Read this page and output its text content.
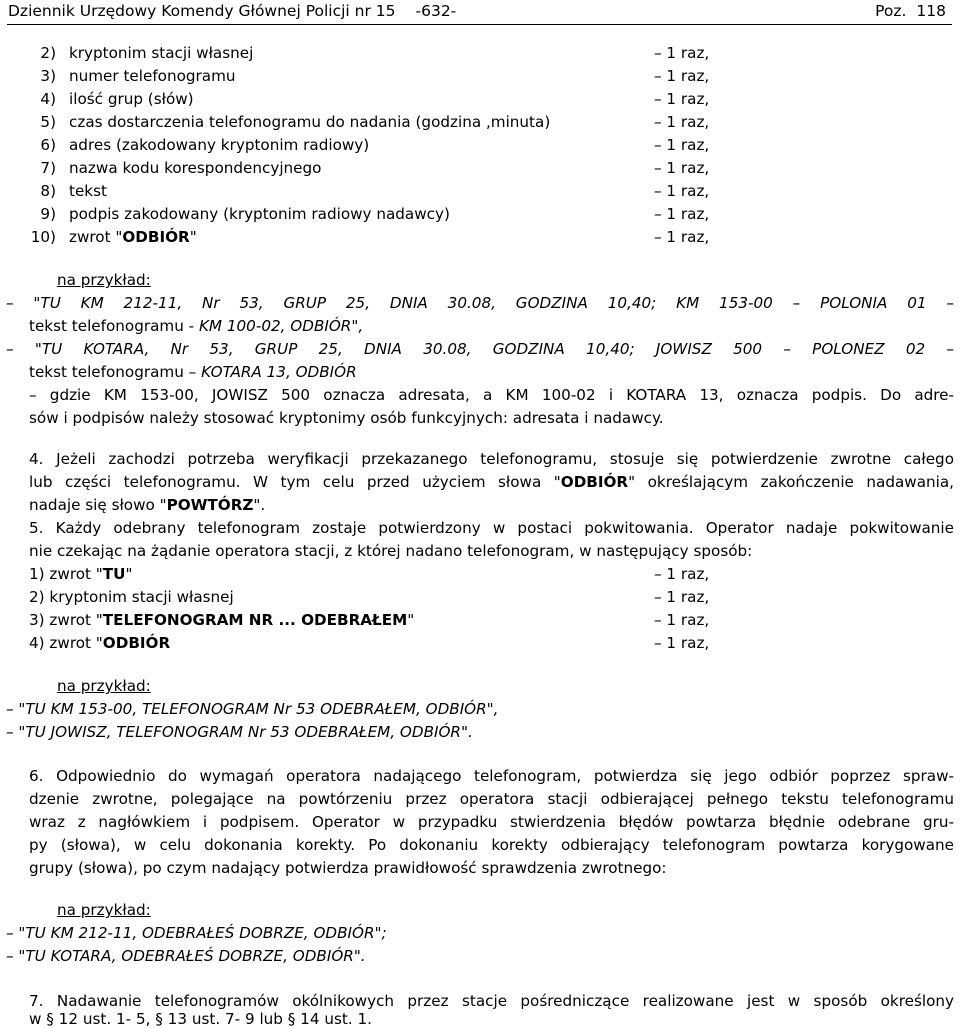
Dziennik Urzędowy Komendy Głównej Policji nr 15 -632-	Poz. 118
2) kryptonim stacji własnej	– 1 raz,
3) numer telefonogramu	– 1 raz,
4) ilość grup (słów)	– 1 raz,
5) czas dostarczenia telefonogramu do nadania (godzina ,minuta)	– 1 raz,
6) adres (zakodowany kryptonim radiowy)	– 1 raz,
7) nazwa kodu korespondencyjnego	– 1 raz,
8) tekst	– 1 raz,
9) podpis zakodowany (kryptonim radiowy nadawcy)	– 1 raz,
10) zwrot "ODBIÓR"	– 1 raz,
na przykład:
– "TU KM 212-11, Nr 53, GRUP 25, DNIA 30.08, GODZINA 10,40; KM 153-00 – POLONIA 01 –
tekst telefonogramu - KM 100-02, ODBIÓR",
– "TU KOTARA, Nr 53, GRUP 25, DNIA 30.08, GODZINA 10,40; JOWISZ 500 – POLONEZ 02 –
tekst telefonogramu – KOTARA 13, ODBIÓR
– gdzie KM 153-00, JOWISZ 500 oznacza adresata, a KM 100-02 i KOTARA 13, oznacza podpis. Do adre-
sów i podpisów należy stosować kryptonimy osób funkcyjnych: adresata i nadawcy.
4. Jeżeli zachodzi potrzeba weryfikacji przekazanego telefonogramu, stosuje się potwierdzenie zwrotne całego
lub części telefonogramu. W tym celu przed użyciem słowa "ODBIÓR" określającym zakończenie nadawania,
nadaje się słowo "POWTÓRZ".
5. Każdy odebrany telefonogram zostaje potwierdzony w postaci pokwitowania. Operator nadaje pokwitowanie
nie czekając na żądanie operatora stacji, z której nadano telefonogram, w następujący sposób:
1) zwrot "TU"	– 1 raz,
2) kryptonim stacji własnej	– 1 raz,
3) zwrot "TELEFONOGRAM NR ... ODEBRAŁEM"	– 1 raz,
4) zwrot "ODBIÓR	– 1 raz,
na przykład:
– "TU KM 153-00, TELEFONOGRAM Nr 53 ODEBRAŁEM, ODBIÓR",
– "TU JOWISZ, TELEFONOGRAM Nr 53 ODEBRAŁEM, ODBIÓR".
6. Odpowiednio do wymagań operatora nadającego telefonogram, potwierdza się jego odbiór poprzez spraw-
dzenie zwrotne, polegające na powtórzeniu przez operatora stacji odbierającej pełnego tekstu telefonogramu
wraz z nagłówkiem i podpisem. Operator w przypadku stwierdzenia błędów powtarza błędnie odebrane gru-
py (słowa), w celu dokonania korekty. Po dokonaniu korekty odbierający telefonogram powtarza korygowane
grupy (słowa), po czym nadający potwierdza prawidłowość sprawdzenia zwrotnego:
na przykład:
– "TU KM 212-11, ODEBRAŁEŚ DOBRZE, ODBIÓR";
– "TU KOTARA, ODEBRAŁEŚ DOBRZE, ODBIÓR".
7. Nadawanie telefonogramów okólnikowych przez stacje pośredniczące realizowane jest w sposób określony
w § 12 ust. 1- 5, § 13 ust. 7- 9 lub § 14 ust. 1.
